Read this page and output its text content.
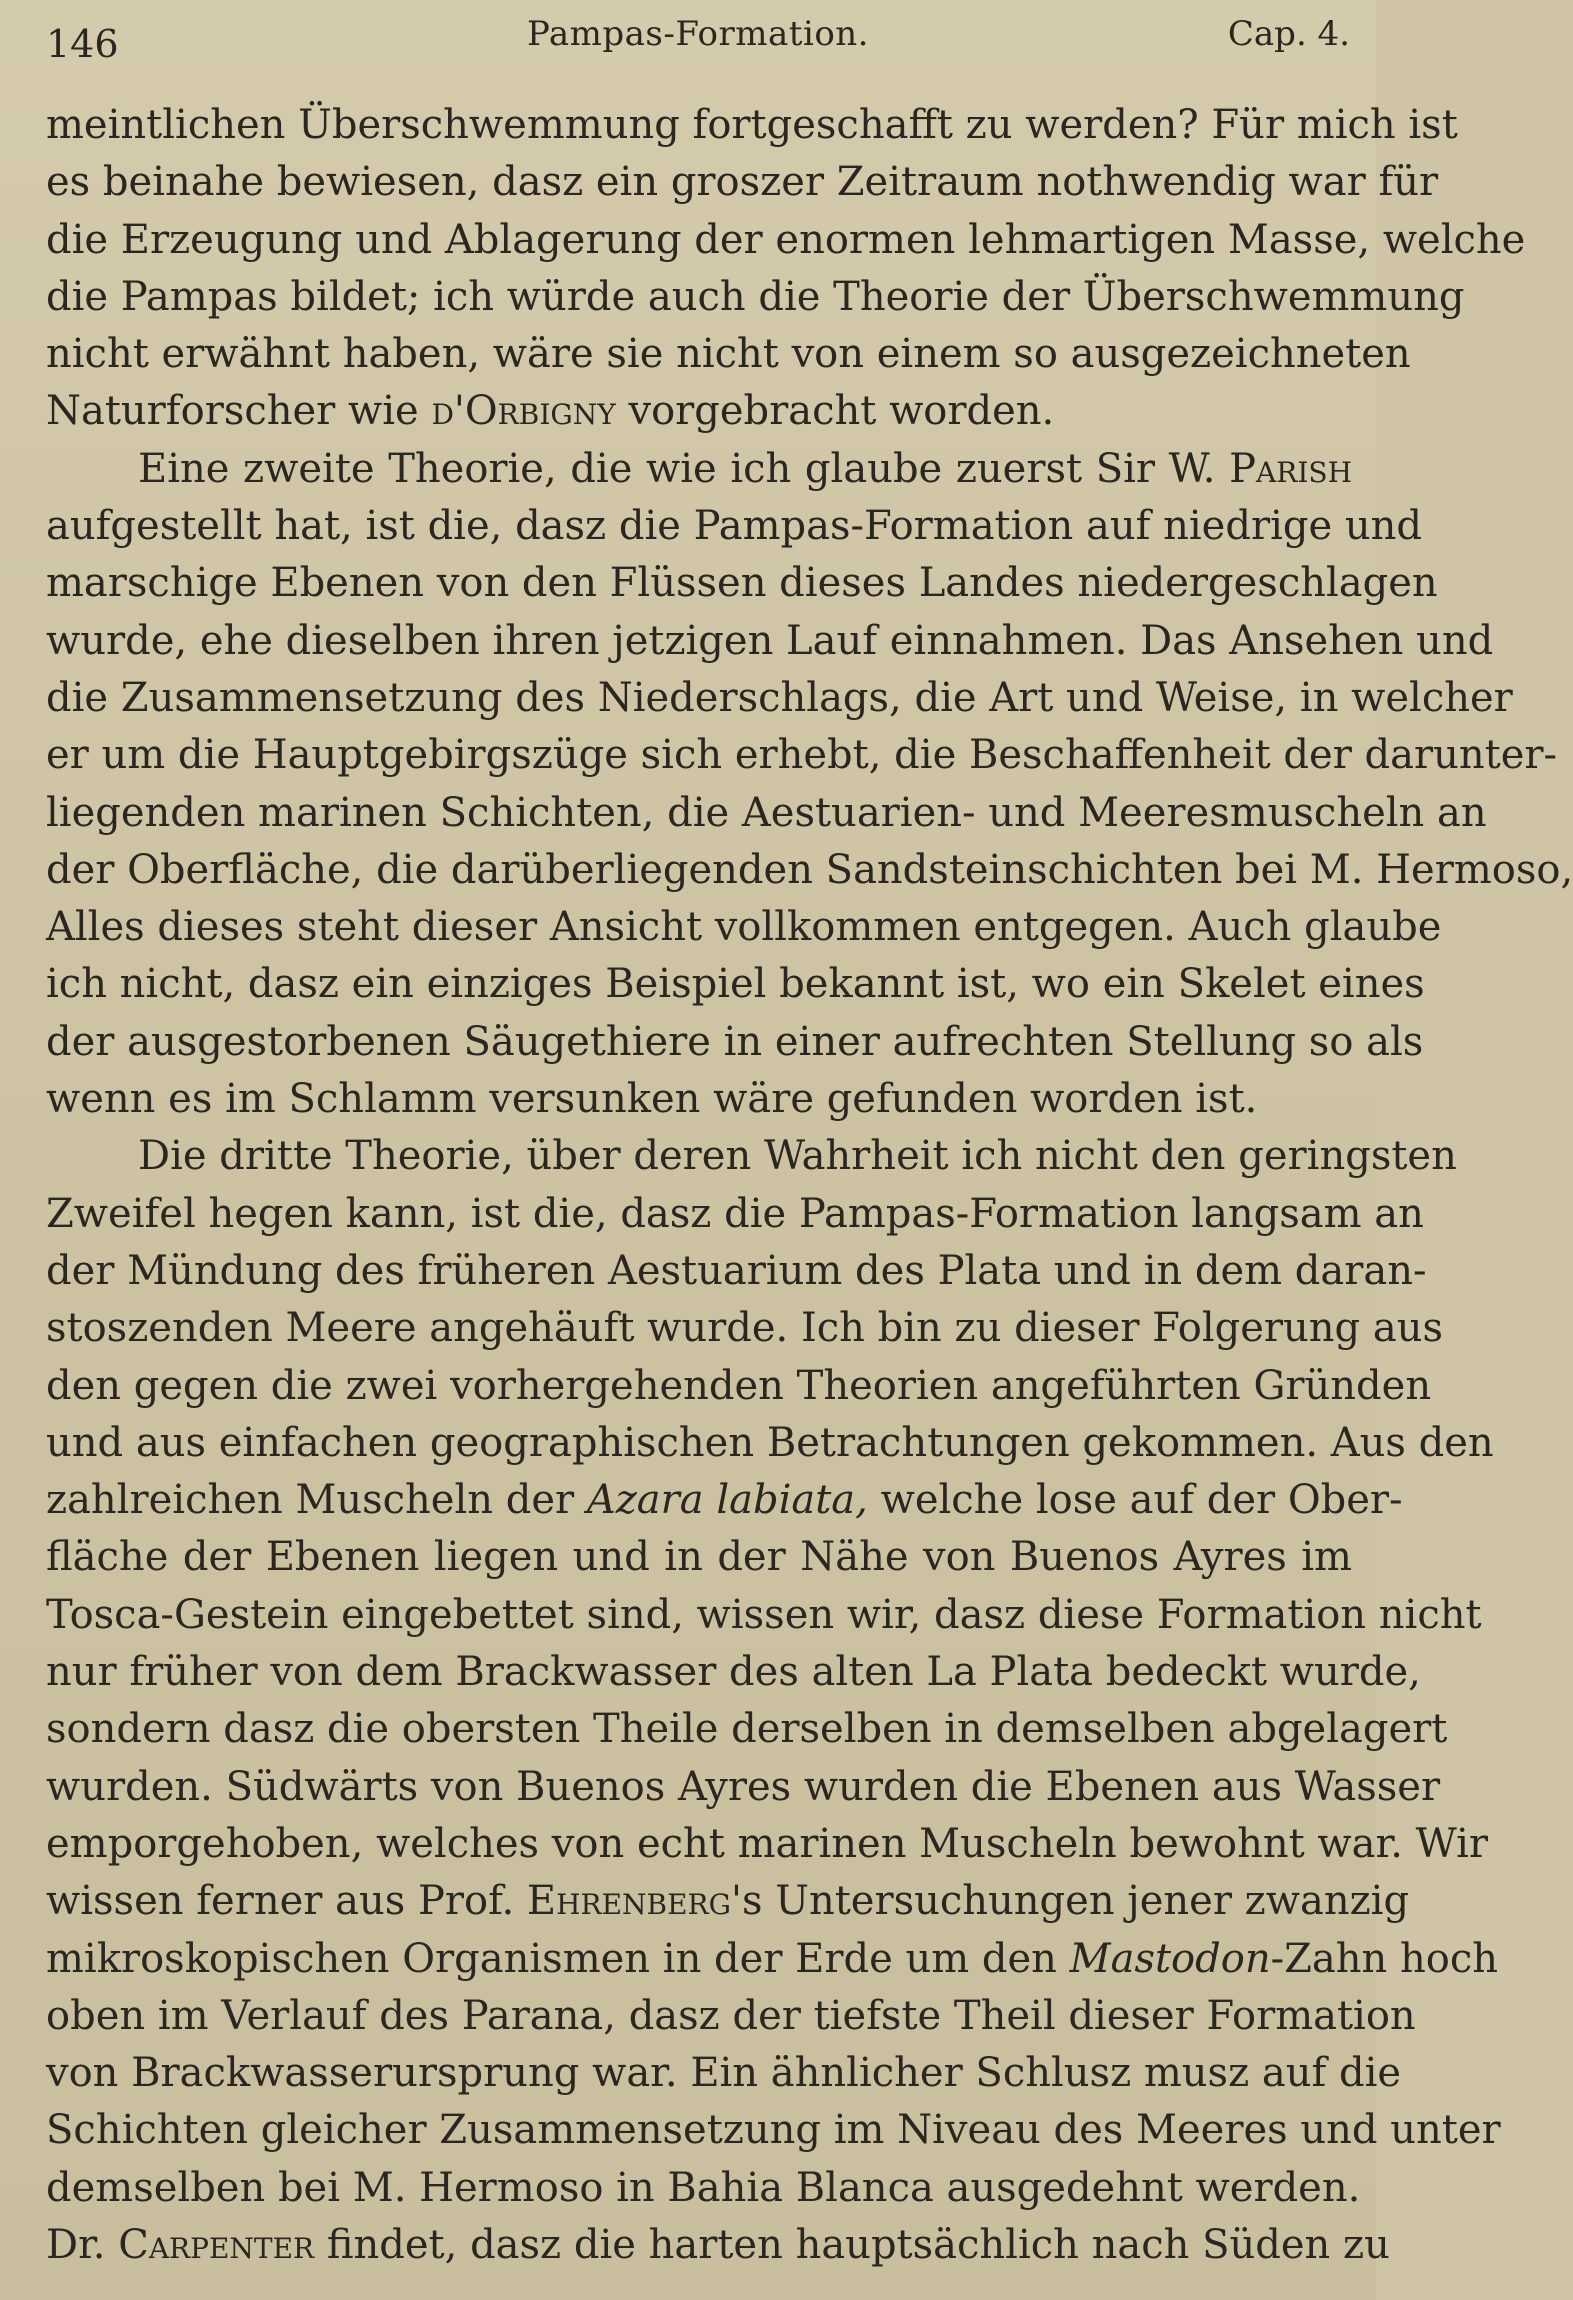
146	Pampas-Formation.	Cap. 4.
meintlichen Überschwemmung fortgeschafft zu werden? Für mich ist
es beinahe bewiesen, dasz ein groszer Zeitraum nothwendig war für
die Erzeugung und Ablagerung der enormen lehmartigen Masse, welche
die Pampas bildet; ich würde auch die Theorie der Überschwemmung
nicht erwähnt haben, wäre sie nicht von einem so ausgezeichneten
Naturforscher wie d'Orbigny vorgebracht worden.
Eine zweite Theorie, die wie ich glaube zuerst Sir W. Parish
aufgestellt hat, ist die, dasz die Pampas-Formation auf niedrige und
marschige Ebenen von den Flüssen dieses Landes niedergeschlagen
wurde, ehe dieselben ihren jetzigen Lauf einnahmen. Das Ansehen und
die Zusammensetzung des Niederschlags, die Art und Weise, in welcher
er um die Hauptgebirgszüge sich erhebt, die Beschaffenheit der darunter-
liegenden marinen Schichten, die Aestuarien- und Meeresmuscheln an
der Oberfläche, die darüberliegenden Sandsteinschichten bei M. Hermoso,
Alles dieses steht dieser Ansicht vollkommen entgegen. Auch glaube
ich nicht, dasz ein einziges Beispiel bekannt ist, wo ein Skelet eines
der ausgestorbenen Säugethiere in einer aufrechten Stellung so als
wenn es im Schlamm versunken wäre gefunden worden ist.
Die dritte Theorie, über deren Wahrheit ich nicht den geringsten
Zweifel hegen kann, ist die, dasz die Pampas-Formation langsam an
der Mündung des früheren Aestuarium des Plata und in dem daran-
stoszenden Meere angehäuft wurde. Ich bin zu dieser Folgerung aus
den gegen die zwei vorhergehenden Theorien angeführten Gründen
und aus einfachen geographischen Betrachtungen gekommen. Aus den
zahlreichen Muscheln der Azara labiata, welche lose auf der Ober-
fläche der Ebenen liegen und in der Nähe von Buenos Ayres im
Tosca-Gestein eingebettet sind, wissen wir, dasz diese Formation nicht
nur früher von dem Brackwasser des alten La Plata bedeckt wurde,
sondern dasz die obersten Theile derselben in demselben abgelagert
wurden. Südwärts von Buenos Ayres wurden die Ebenen aus Wasser
emporgehoben, welches von echt marinen Muscheln bewohnt war. Wir
wissen ferner aus Prof. Ehrenberg's Untersuchungen jener zwanzig
mikroskopischen Organismen in der Erde um den Mastodon-Zahn hoch
oben im Verlauf des Parana, dasz der tiefste Theil dieser Formation
von Brackwasserursprung war. Ein ähnlicher Schlusz musz auf die
Schichten gleicher Zusammensetzung im Niveau des Meeres und unter
demselben bei M. Hermoso in Bahia Blanca ausgedehnt werden.
Dr. Carpenter findet, dasz die harten hauptsächlich nach Süden zu
